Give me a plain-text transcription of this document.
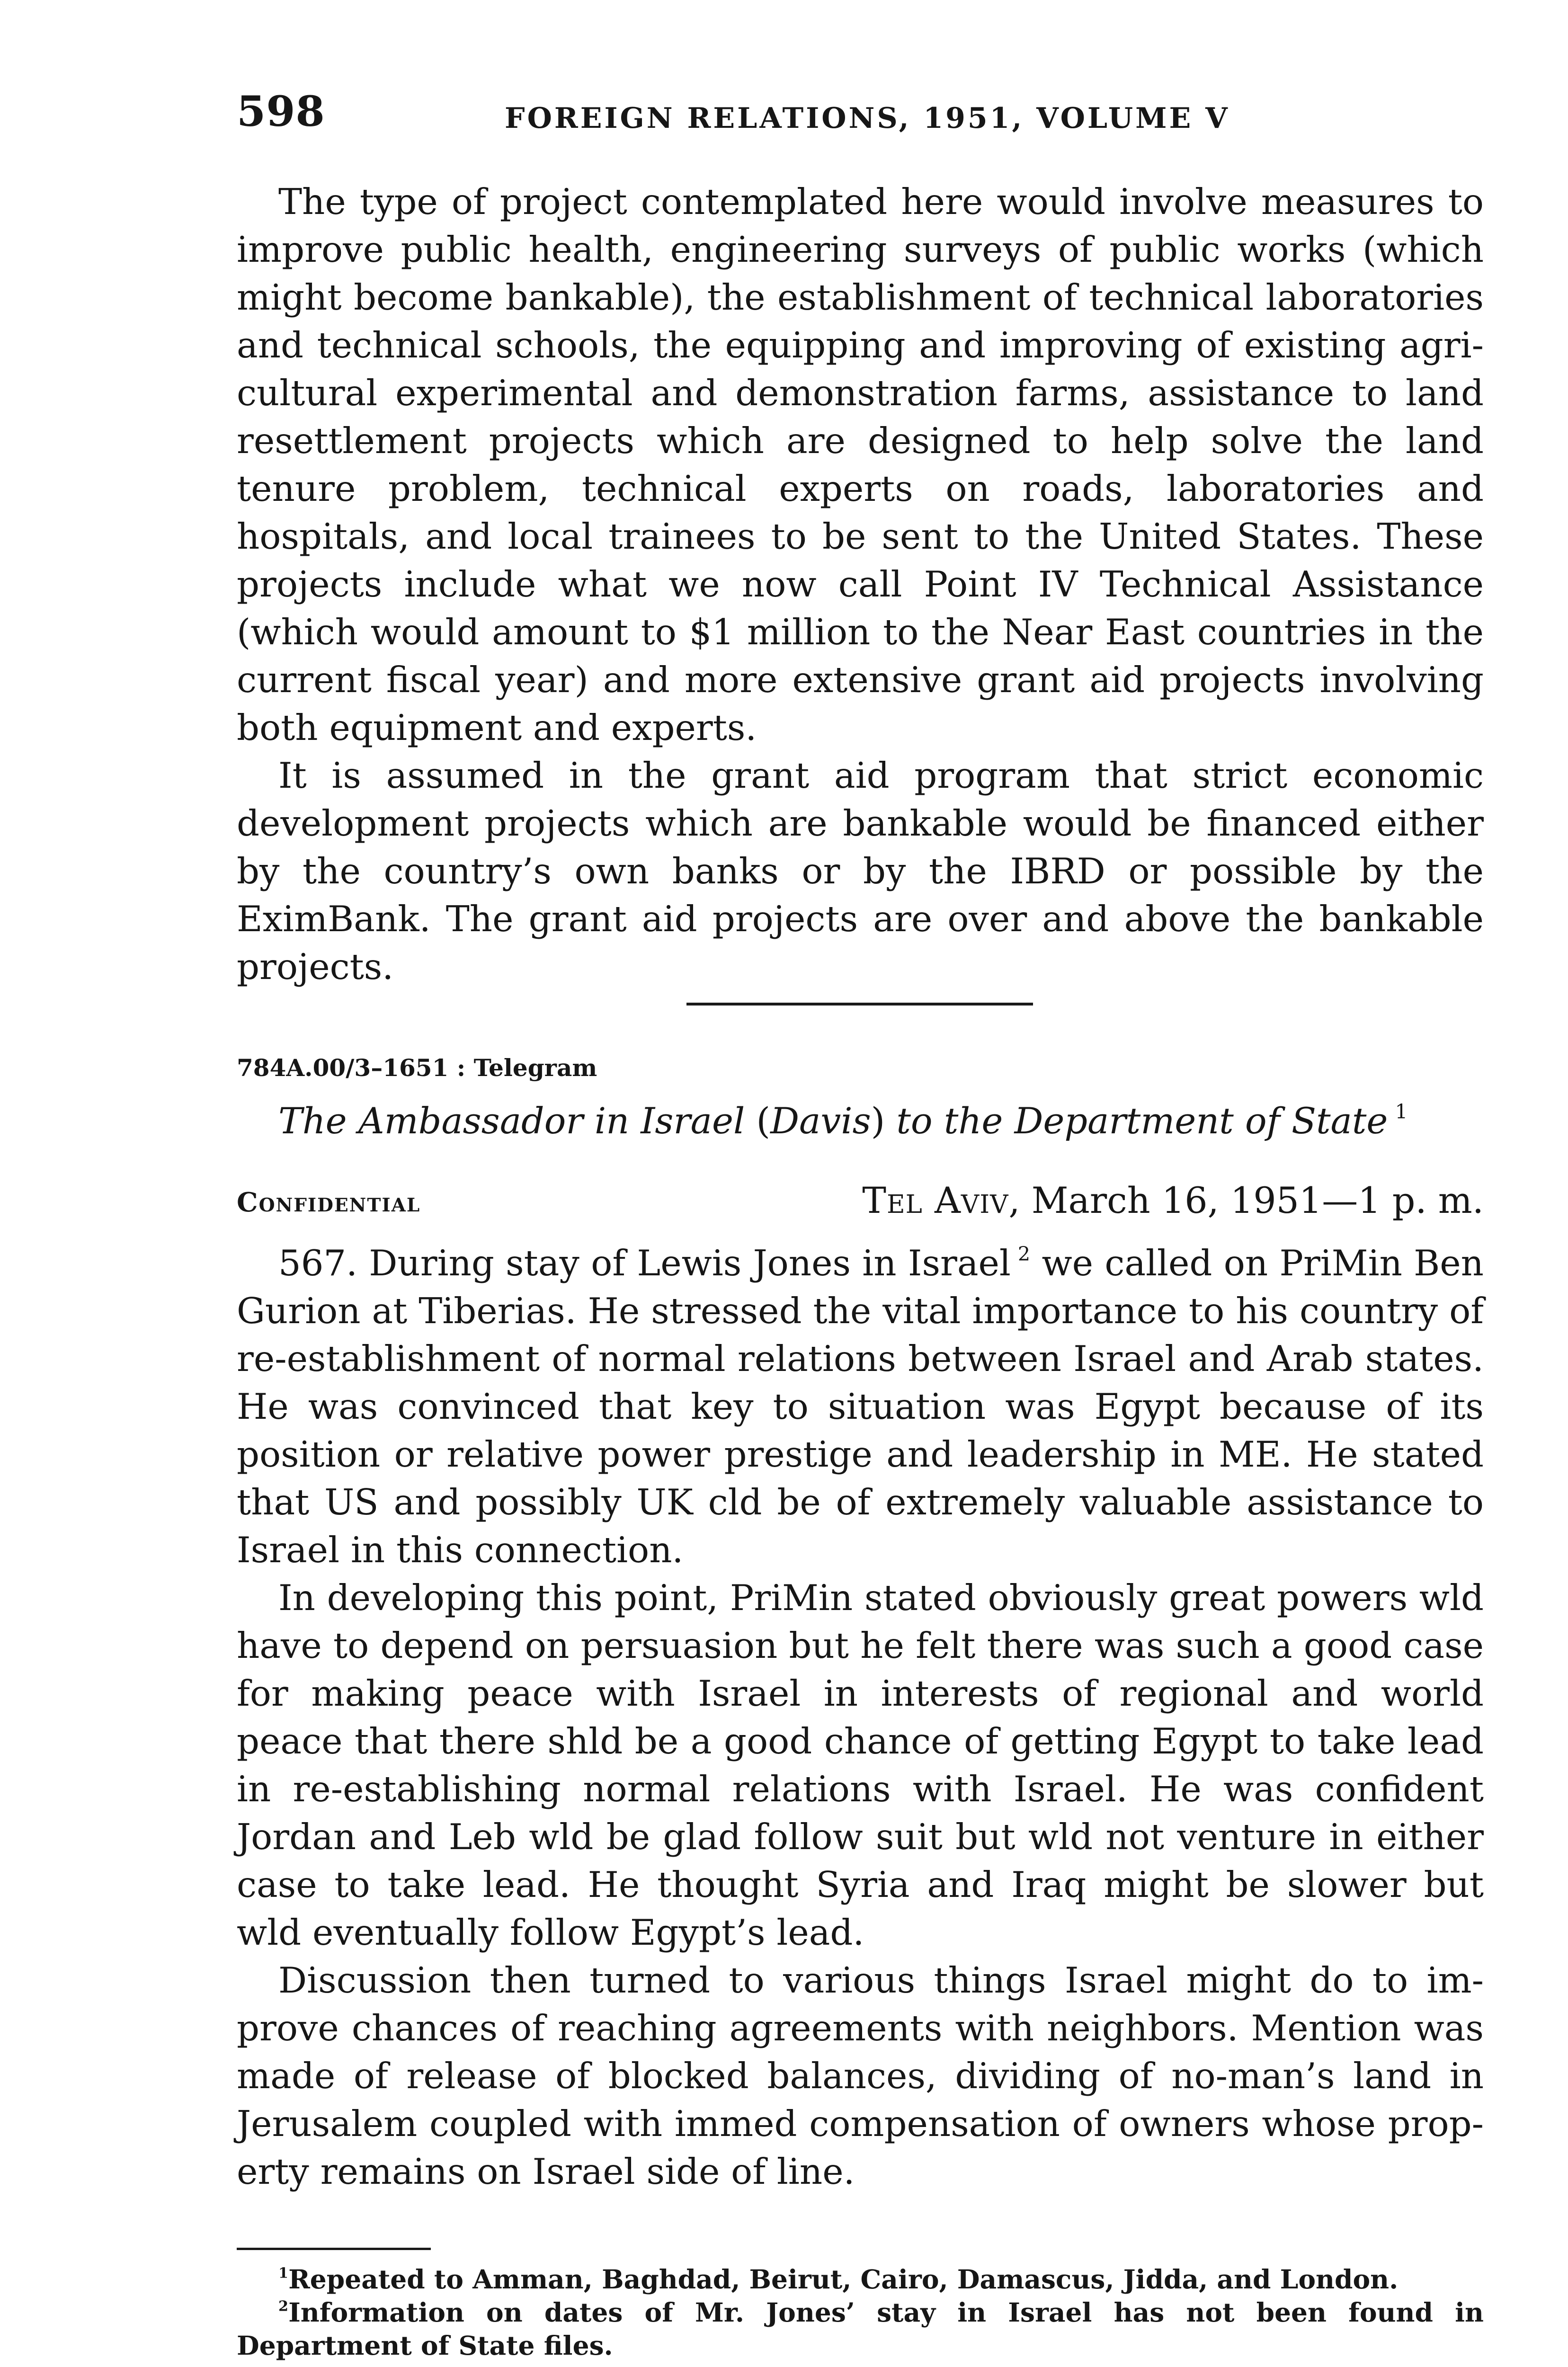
598	FOREIGN RELATIONS, 1951, VOLUME V

The type of project contemplated here would involve measures to improve public health, engineering surveys of public works (which might become bankable), the establishment of technical laboratories and technical schools, the equipping and improving of existing agricultural experimental and demonstration farms, assistance to land resettlement projects which are designed to help solve the land tenure problem, technical experts on roads, laboratories and hospitals, and local trainees to be sent to the United States. These projects include what we now call Point IV Technical Assistance (which would amount to $1 million to the Near East countries in the current fiscal year) and more extensive grant aid projects involving both equipment and experts.

It is assumed in the grant aid program that strict economic development projects which are bankable would be financed either by the country’s own banks or by the IBRD or possible by the EximBank. The grant aid projects are over and above the bankable projects.

784A.00/3–1651 : Telegram
The Ambassador in Israel (Davis) to the Department of State  $^1$
Confidential	Tel Aviv, March 16, 1951—1 p. m.

567. During stay of Lewis Jones in Israel  $^2$ we called on PriMin Ben Gurion at Tiberias. He stressed the vital importance to his country of re-establishment of normal relations between Israel and Arab states. He was convinced that key to situation was Egypt because of its position or relative power prestige and leadership in ME. He stated that US and possibly UK cld be of extremely valuable assistance to Israel in this connection.

In developing this point, PriMin stated obviously great powers wld have to depend on persuasion but he felt there was such a good case for making peace with Israel in interests of regional and world peace that there shld be a good chance of getting Egypt to take lead in re-establishing normal relations with Israel. He was confident Jordan and Leb wld be glad follow suit but wld not venture in either case to take lead. He thought Syria and Iraq might be slower but wld eventually follow Egypt’s lead.

Discussion then turned to various things Israel might do to improve chances of reaching agreements with neighbors. Mention was made of release of blocked balances, dividing of no-man’s land in Jerusalem coupled with immed compensation of owners whose property remains on Israel side of line.

$^1$Repeated to Amman, Baghdad, Beirut, Cairo, Damascus, Jidda, and London.

$^2$Information on dates of Mr. Jones’ stay in Israel has not been found in Department of State files.
